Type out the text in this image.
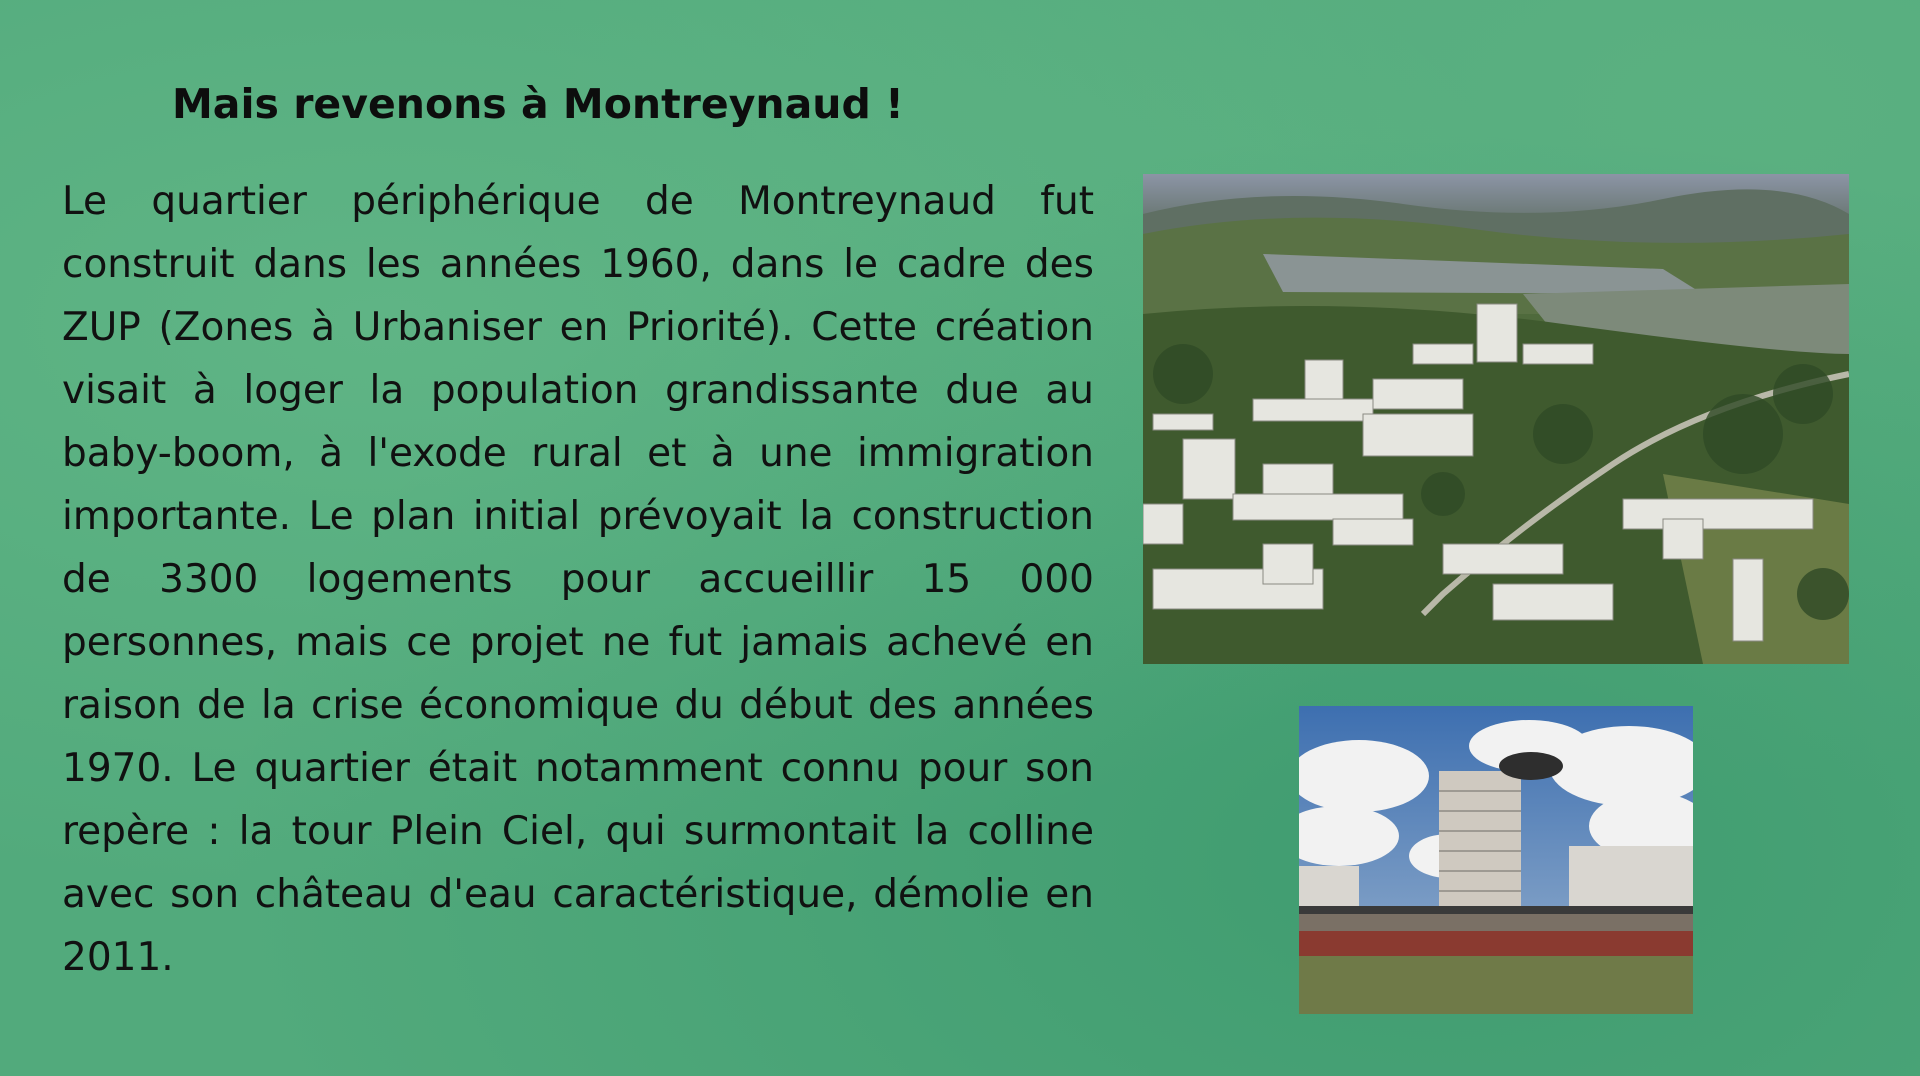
Mais revenons à Montreynaud !

Le quartier périphérique de Montreynaud fut construit dans les années 1960, dans le cadre des ZUP (Zones à Urbaniser en Priorité). Cette création visait à loger la population grandissante due au baby-boom, à l'exode rural et à une immigration importante. Le plan initial prévoyait la construction de 3300 logements pour accueillir 15 000 personnes, mais ce projet ne fut jamais achevé en raison de la crise économique du début des années 1970. Le quartier était notamment connu pour son repère : la tour Plein Ciel, qui surmontait la colline avec son château d'eau caractéristique, démolie en 2011.
